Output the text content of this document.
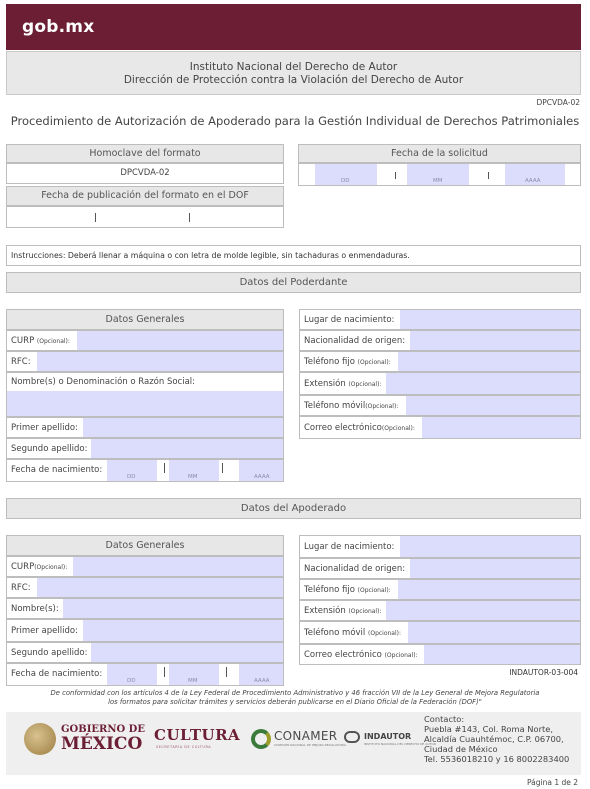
gob.mx
Instituto Nacional del Derecho de Autor
Dirección de Protección contra la Violación del Derecho de Autor
DPCVDA-02
Procedimiento de Autorización de Apoderado para la Gestión Individual de Derechos Patrimoniales
Homoclave del formato
DPCVDA-02
Fecha de publicación del formato en el DOF
Fecha de la solicitud
DD	MM	AAAA
Instrucciones: Deberá llenar a máquina o con letra de molde legible, sin tachaduras o enmendaduras.
Datos del Poderdante
Datos Generales
CURP (Opcional):
RFC:
Nombre(s) o Denominación o Razón Social:
Primer apellido:
Segundo apellido:
Fecha de nacimiento:
DD	MM	AAAA
Lugar de nacimiento:
Nacionalidad de origen:
Teléfono fijo (Opcional):
Extensión (Opcional):
Teléfono móvil(Opcional):
Correo electrónico(Opcional):
Datos del Apoderado
Datos Generales
CURP(Opcional):
RFC:
Nombre(s):
Primer apellido:
Segundo apellido:
Fecha de nacimiento:
DD	MM	AAAA
Lugar de nacimiento:
Nacionalidad de origen:
Teléfono fijo (Opcional):
Extensión (Opcional):
Teléfono móvil (Opcional):
Correo electrónico (Opcional):
INDAUTOR-03-004
De conformidad con los artículos 4 de la Ley Federal de Procedimiento Administrativo y 46 fracción VII de la Ley General de Mejora Regulatoria
los formatos para solicitar trámites y servicios deberán publicarse en el Diario Oficial de la Federación (DOF)"
GOBIERNO DE
MÉXICO CULTURA
SECRETARÍA DE CULTURA
CONAMER
COMISIÓN NACIONAL DE MEJORA REGULATORIA
INDAUTOR
INSTITUTO NACIONAL DEL DERECHO DE AUTOR
Contacto:
Puebla #143, Col. Roma Norte,
Alcaldía Cuauhtémoc, C.P. 06700,
Ciudad de México
Tel. 5536018210 y 16 8002283400
Página 1 de 2
